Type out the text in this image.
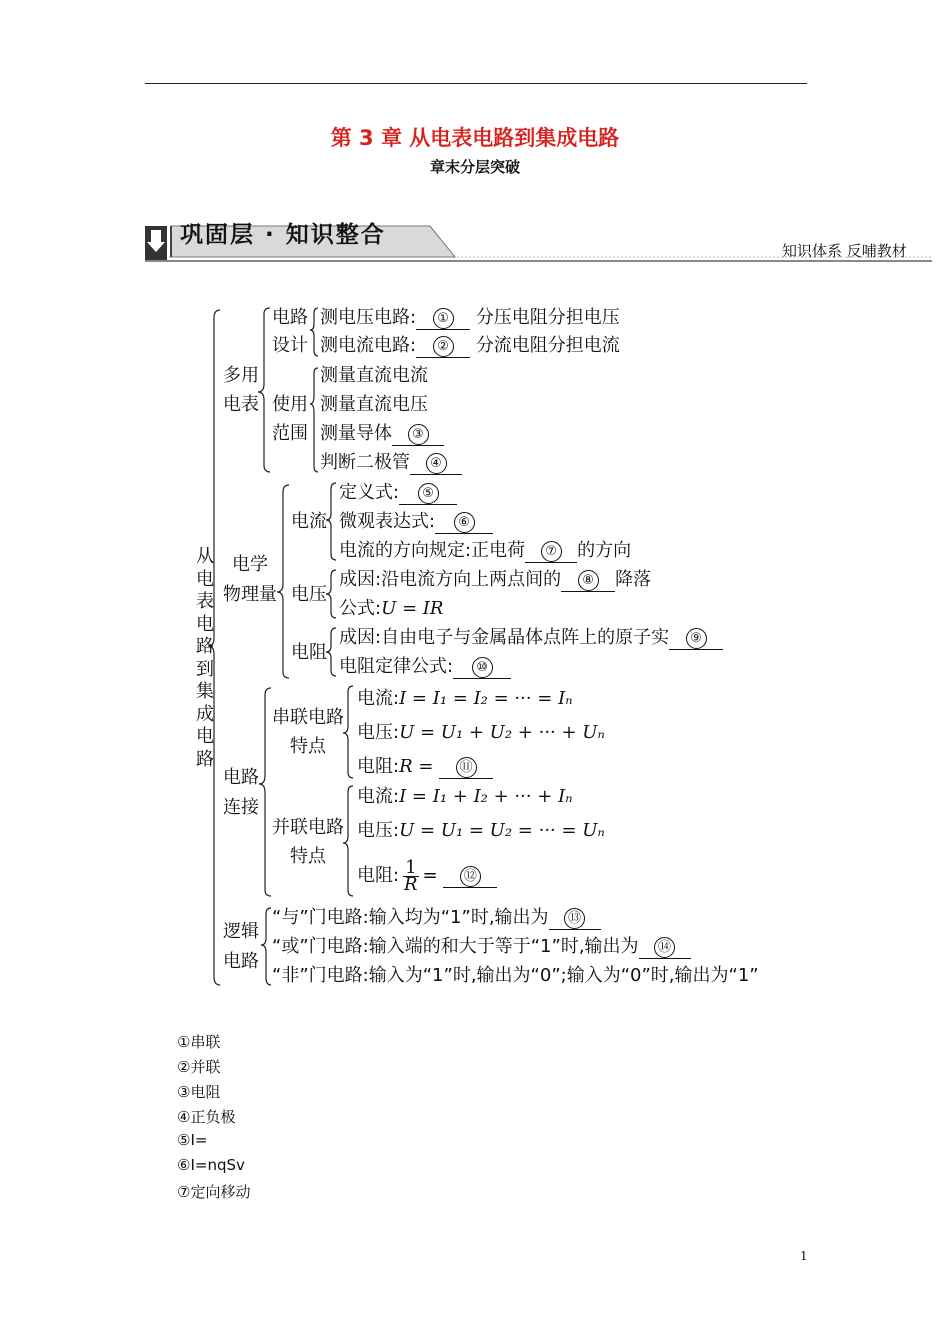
第 3 章 从电表电路到集成电路
章末分层突破
巩固层 · 知识整合
知识体系 反哺教材
从电表电路到集成电路
多用
电表
电路
设计
测电压电路: ① 分压电阻分担电压
测电流电路: ② 分流电阻分担电流
使用
范围
测量直流电流
测量直流电压
测量导体 ③
判断二极管 ④
电学
物理量
电流
定义式: ⑤
微观表达式: ⑥
电流的方向规定:正电荷 ⑦ 的方向
电压
成因:沿电流方向上两点间的 ⑧ 降落
公式:U = IR
电阻
成因:自由电子与金属晶体点阵上的原子实 ⑨
电阻定律公式: ⑩
电路
连接
串联电路
特点
电流:I = I₁ = I₂ = ··· = Iₙ
电压:U = U₁ + U₂ + ··· + Uₙ
电阻:R = ⑪
并联电路
特点
电流:I = I₁ + I₂ + ··· + Iₙ
电压:U = U₁ = U₂ = ··· = Uₙ
电阻: $\frac{1}{R}$ = ⑫
逻辑
电路
“与”门电路:输入均为“1”时,输出为 ⑬
“或”门电路:输入端的和大于等于“1”时,输出为 ⑭
“非”门电路:输入为“1”时,输出为“0”;输入为“0”时,输出为“1”
①串联
②并联
③电阻
④正负极
⑤I=
⑥I=nqSv
⑦定向移动
1
